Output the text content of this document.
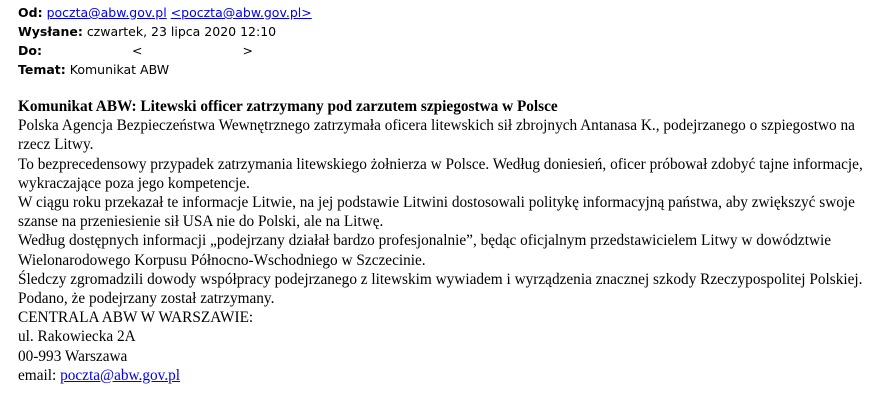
Od: poczta@abw.gov.pl <poczta@abw.gov.pl>
Wysłane: czwartek, 23 lipca 2020 12:10
Do:	<	>
Temat: Komunikat ABW

Komunikat ABW: Litewski officer zatrzymany pod zarzutem szpiegostwa w Polsce

Polska Agencja Bezpieczeństwa Wewnętrznego zatrzymała oficera litewskich sił zbrojnych Antanasa K., podejrzanego o szpiegostwo na rzecz Litwy.

To bezprecedensowy przypadek zatrzymania litewskiego żołnierza w Polsce. Według doniesień, oficer próbował zdobyć tajne informacje, wykraczające poza jego kompetencje.

W ciągu roku przekazał te informacje Litwie, na jej podstawie Litwini dostosowali politykę informacyjną państwa, aby zwiększyć swoje szanse na przeniesienie sił USA nie do Polski, ale na Litwę.

Według dostępnych informacji „podejrzany działał bardzo profesjonalnie”, będąc oficjalnym przedstawicielem Litwy w dowództwie Wielonarodowego Korpusu Północno-Wschodniego w Szczecinie.

Śledczy zgromadzili dowody współpracy podejrzanego z litewskim wywiadem i wyrządzenia znacznej szkody Rzeczypospolitej Polskiej. Podano, że podejrzany został zatrzymany.

CENTRALA ABW W WARSZAWIE:

ul. Rakowiecka 2A

00-993 Warszawa

email: poczta@abw.gov.pl
